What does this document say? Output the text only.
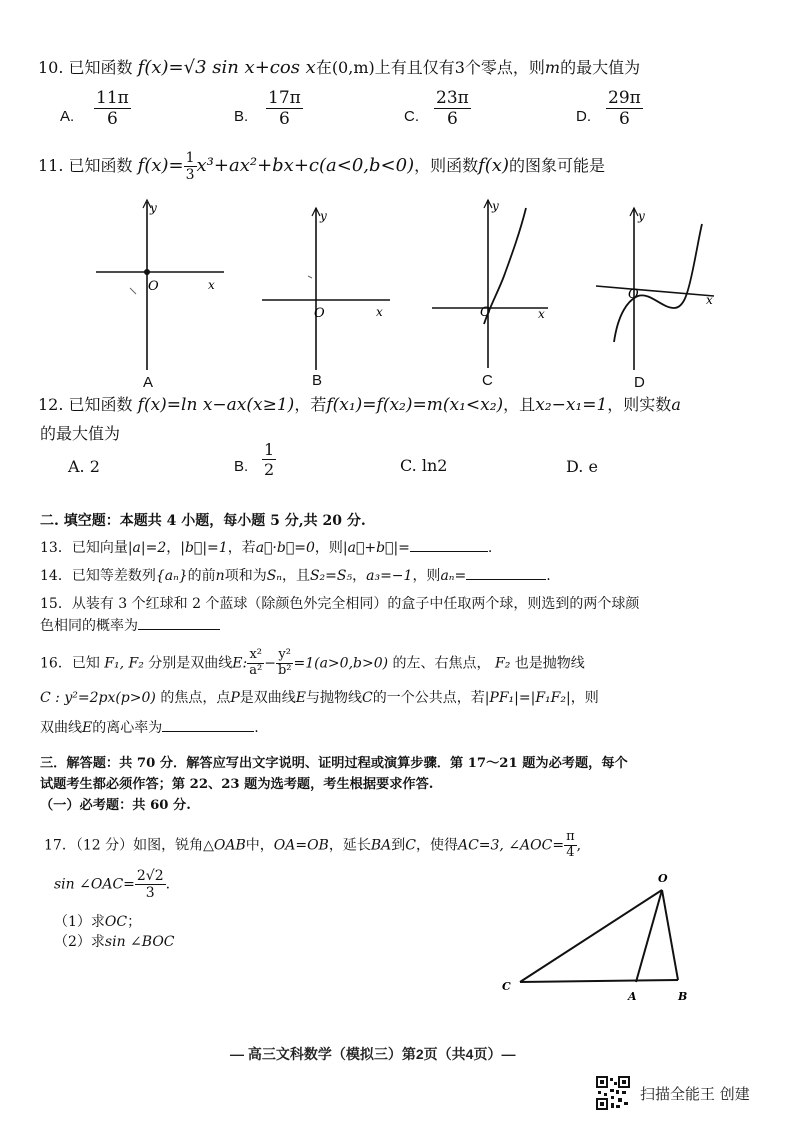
10. 已知函数 f(x)=√3 sin x+cos x在(0,m)上有且仅有3个零点，则m的最大值为
A. $\frac{11\pi}{6}$	B. $\frac{17\pi}{6}$	C. $\frac{23\pi}{6}$	D. $\frac{29\pi}{6}$
11. 已知函数 $f(x)= \frac{1}{3} x^3+ax^2+bx+c(a<0,b<0)$，则函数f(x)的图象可能是
y
x
O
A
y
x
O
B
y
x
O
C
y
x
O
D
12. 已知函数 f(x)=ln x−ax(x≥1)，若f(x₁)=f(x₂)=m(x₁<x₂)，且x₂−x₁=1，则实数a
的最大值为
A. 2	B. $\frac{1}{2}$	C. ln2	D. e
二. 填空题：本题共 4 小题，每小题 5 分,共 20 分.
13．已知向量|a|=2，|b⃗|=1，若a⃗·b⃗=0，则|a⃗+b⃗|=	.
14．已知等差数列{aₙ}的前n项和为Sₙ，且S₂=S₅，a₃=−1，则aₙ=	.
15．从装有 3 个红球和 2 个蓝球（除颜色外完全相同）的盒子中任取两个球，则选到的两个球颜
色相同的概率为
16．已知 F₁, F₂ 分别是双曲线E: $\frac{\text{x²}}{\text{a²}} - \frac{\text{y²}}{\text{b²}} =1(a>0,b>0)$ 的左、右焦点， F₂ 也是抛物线
C : y²=2px(p>0) 的焦点，点P是双曲线E与抛物线C的一个公共点，若|PF₁|=|F₁F₂|，则
双曲线E的离心率为	.
三．解答题：共 70 分．解答应写出文字说明、证明过程或演算步骤．第 17～21 题为必考题，每个
试题考生都必须作答；第 22、23 题为选考题，考生根据要求作答.
（一）必考题：共 60 分.
17．（12 分）如图，锐角△OAB中，OA=OB，延长BA到C，使得AC=3, ∠AOC= $\frac{\pi}{4}$ ,
sin ∠OAC= $\frac{2√2}{3}$ .
（1）求OC；
（2）求sin ∠BOC
O
C
A	B
— 高三文科数学（模拟三）第2页（共4页）—
扫描全能王 创建
